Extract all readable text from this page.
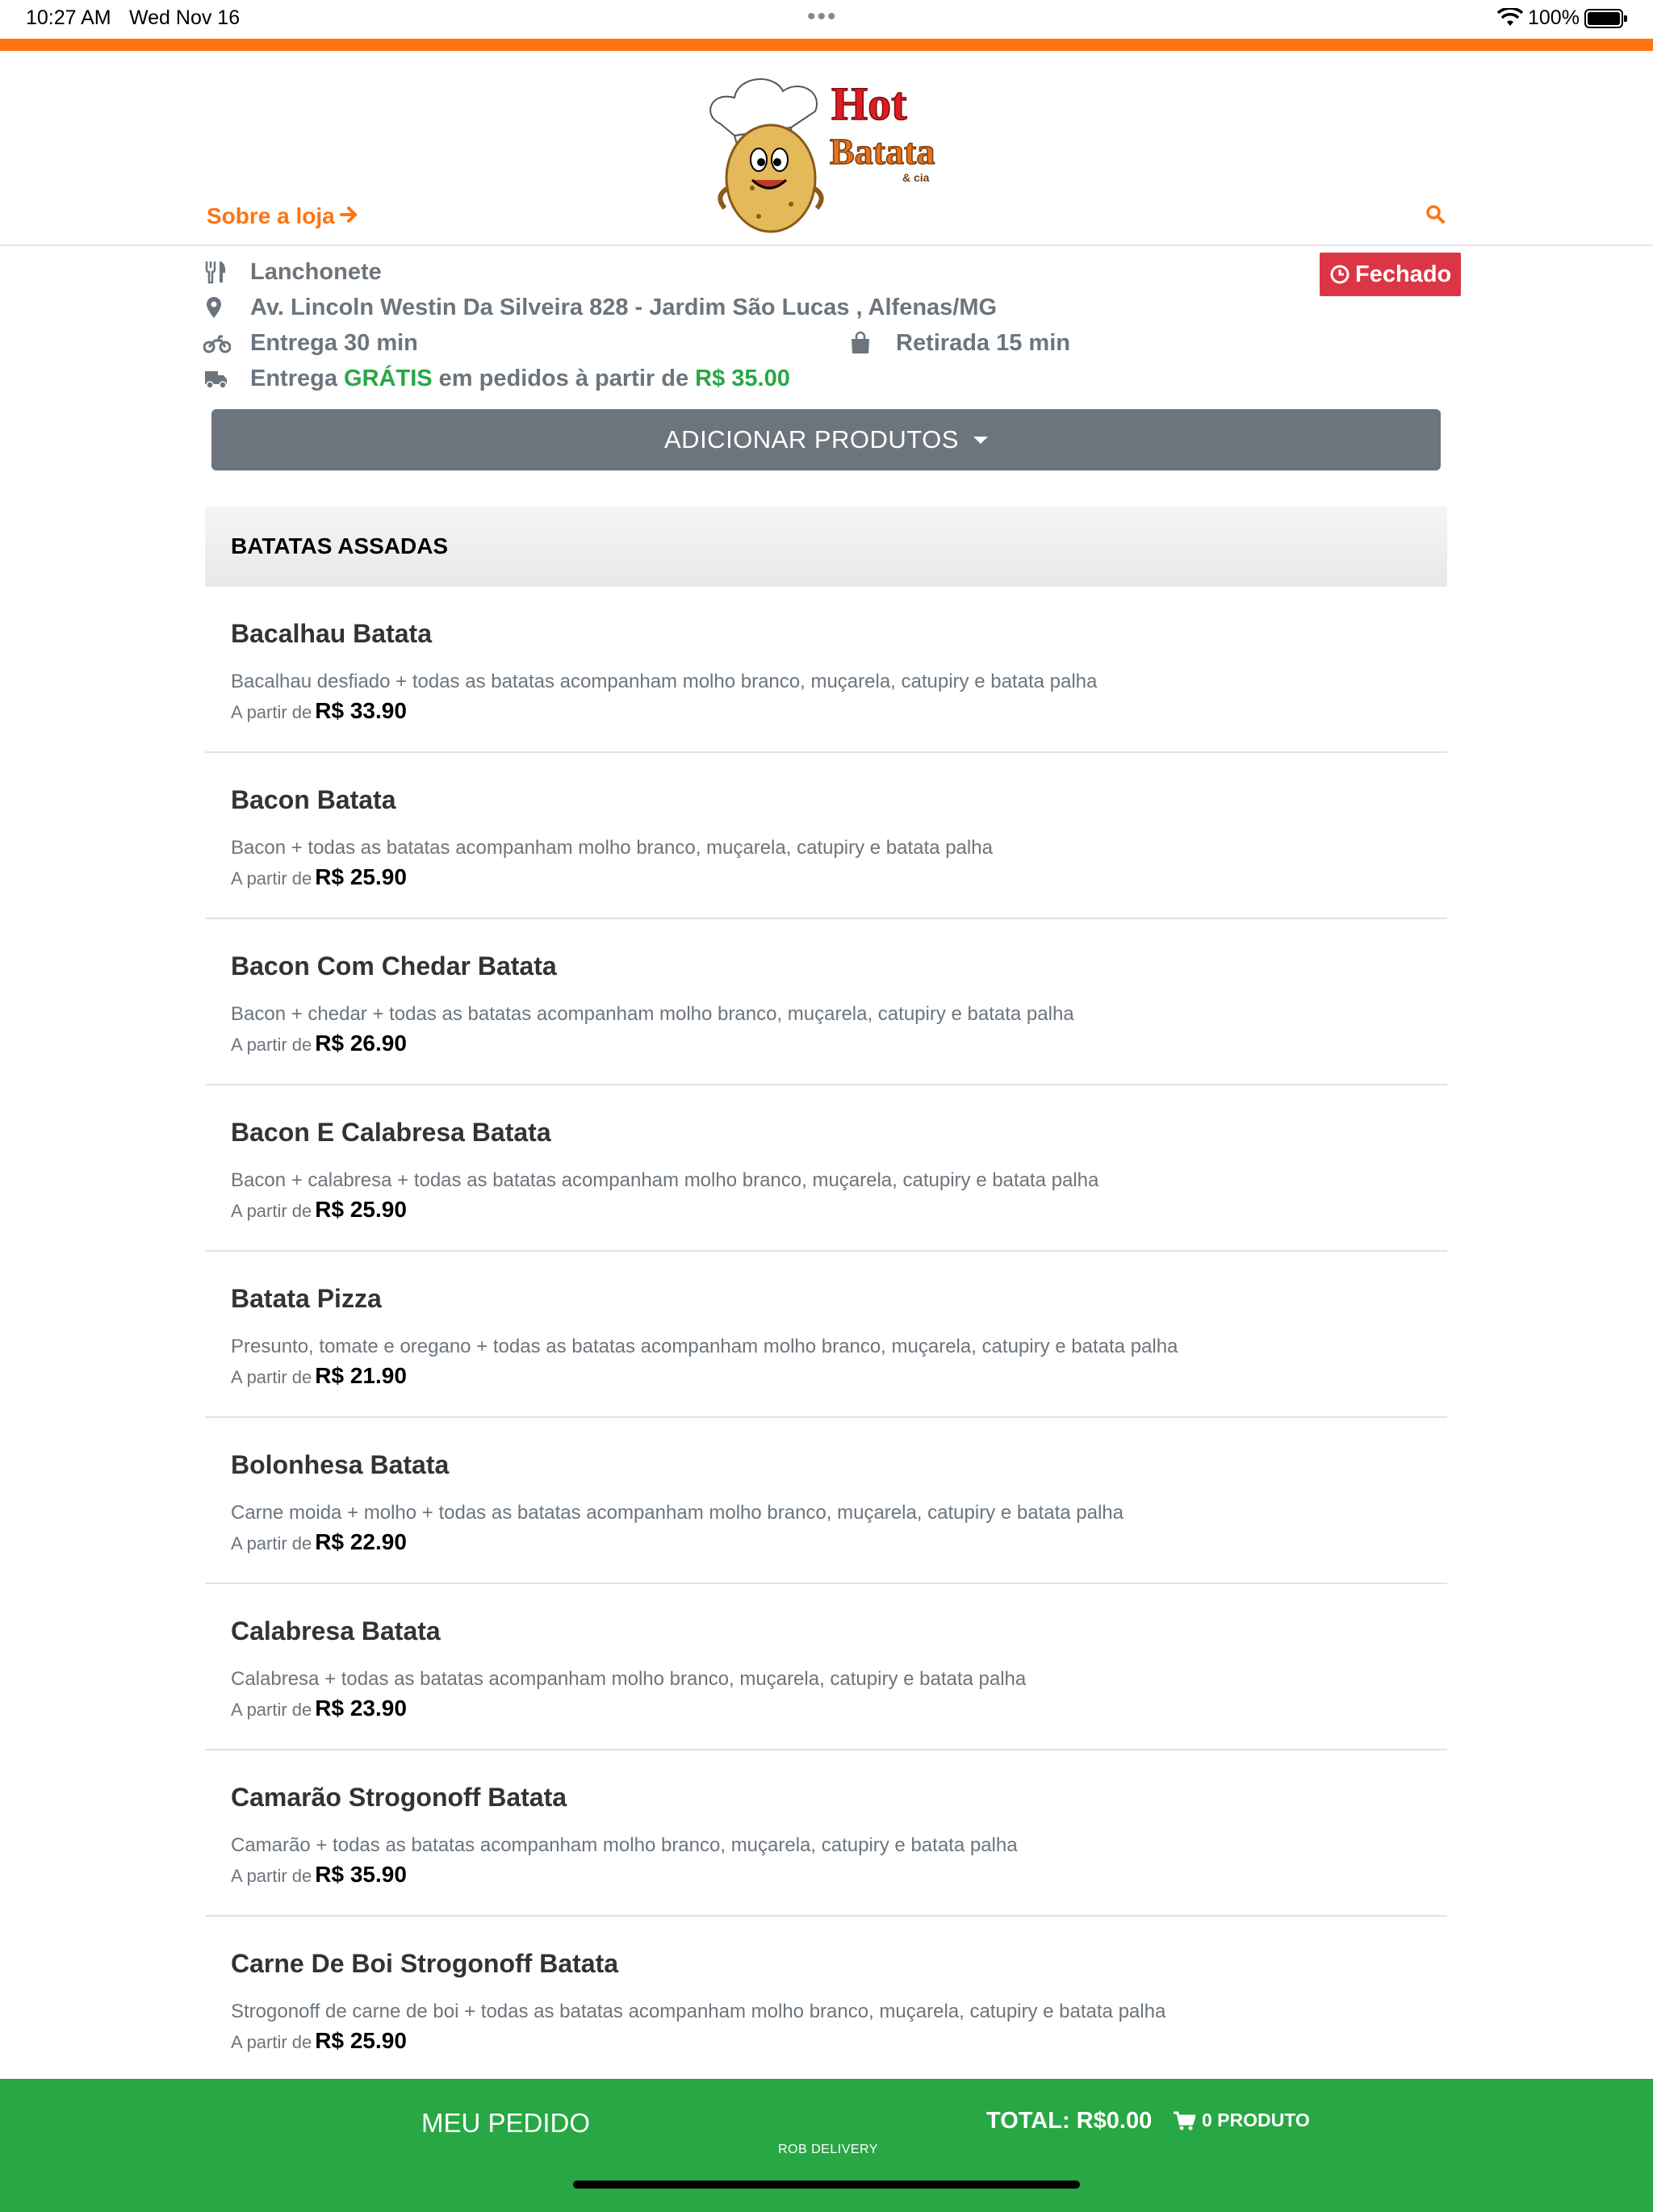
10:27 AM Wed Nov 16	•••	100%
Hot
Batata
& cia
Sobre a loja
Lanchonete
Av. Lincoln Westin Da Silveira 828 - Jardim São Lucas , Alfenas/MG
Entrega 30 min	Retirada 15 min
Entrega GRÁTIS em pedidos à partir de R$ 35.00
Fechado
ADICIONAR PRODUTOS
BATATAS ASSADAS
Bacalhau Batata
Bacalhau desfiado + todas as batatas acompanham molho branco, muçarela, catupiry e batata palha
A partir de R$ 33.90
Bacon Batata
Bacon + todas as batatas acompanham molho branco, muçarela, catupiry e batata palha
A partir de R$ 25.90
Bacon Com Chedar Batata
Bacon + chedar + todas as batatas acompanham molho branco, muçarela, catupiry e batata palha
A partir de R$ 26.90
Bacon E Calabresa Batata
Bacon + calabresa + todas as batatas acompanham molho branco, muçarela, catupiry e batata palha
A partir de R$ 25.90
Batata Pizza
Presunto, tomate e oregano + todas as batatas acompanham molho branco, muçarela, catupiry e batata palha
A partir de R$ 21.90
Bolonhesa Batata
Carne moida + molho + todas as batatas acompanham molho branco, muçarela, catupiry e batata palha
A partir de R$ 22.90
Calabresa Batata
Calabresa + todas as batatas acompanham molho branco, muçarela, catupiry e batata palha
A partir de R$ 23.90
Camarão Strogonoff Batata
Camarão + todas as batatas acompanham molho branco, muçarela, catupiry e batata palha
A partir de R$ 35.90
Carne De Boi Strogonoff Batata
Strogonoff de carne de boi + todas as batatas acompanham molho branco, muçarela, catupiry e batata palha
A partir de R$ 25.90
MEU PEDIDO
ROB DELIVERY
TOTAL: R$0.00	0 PRODUTO
